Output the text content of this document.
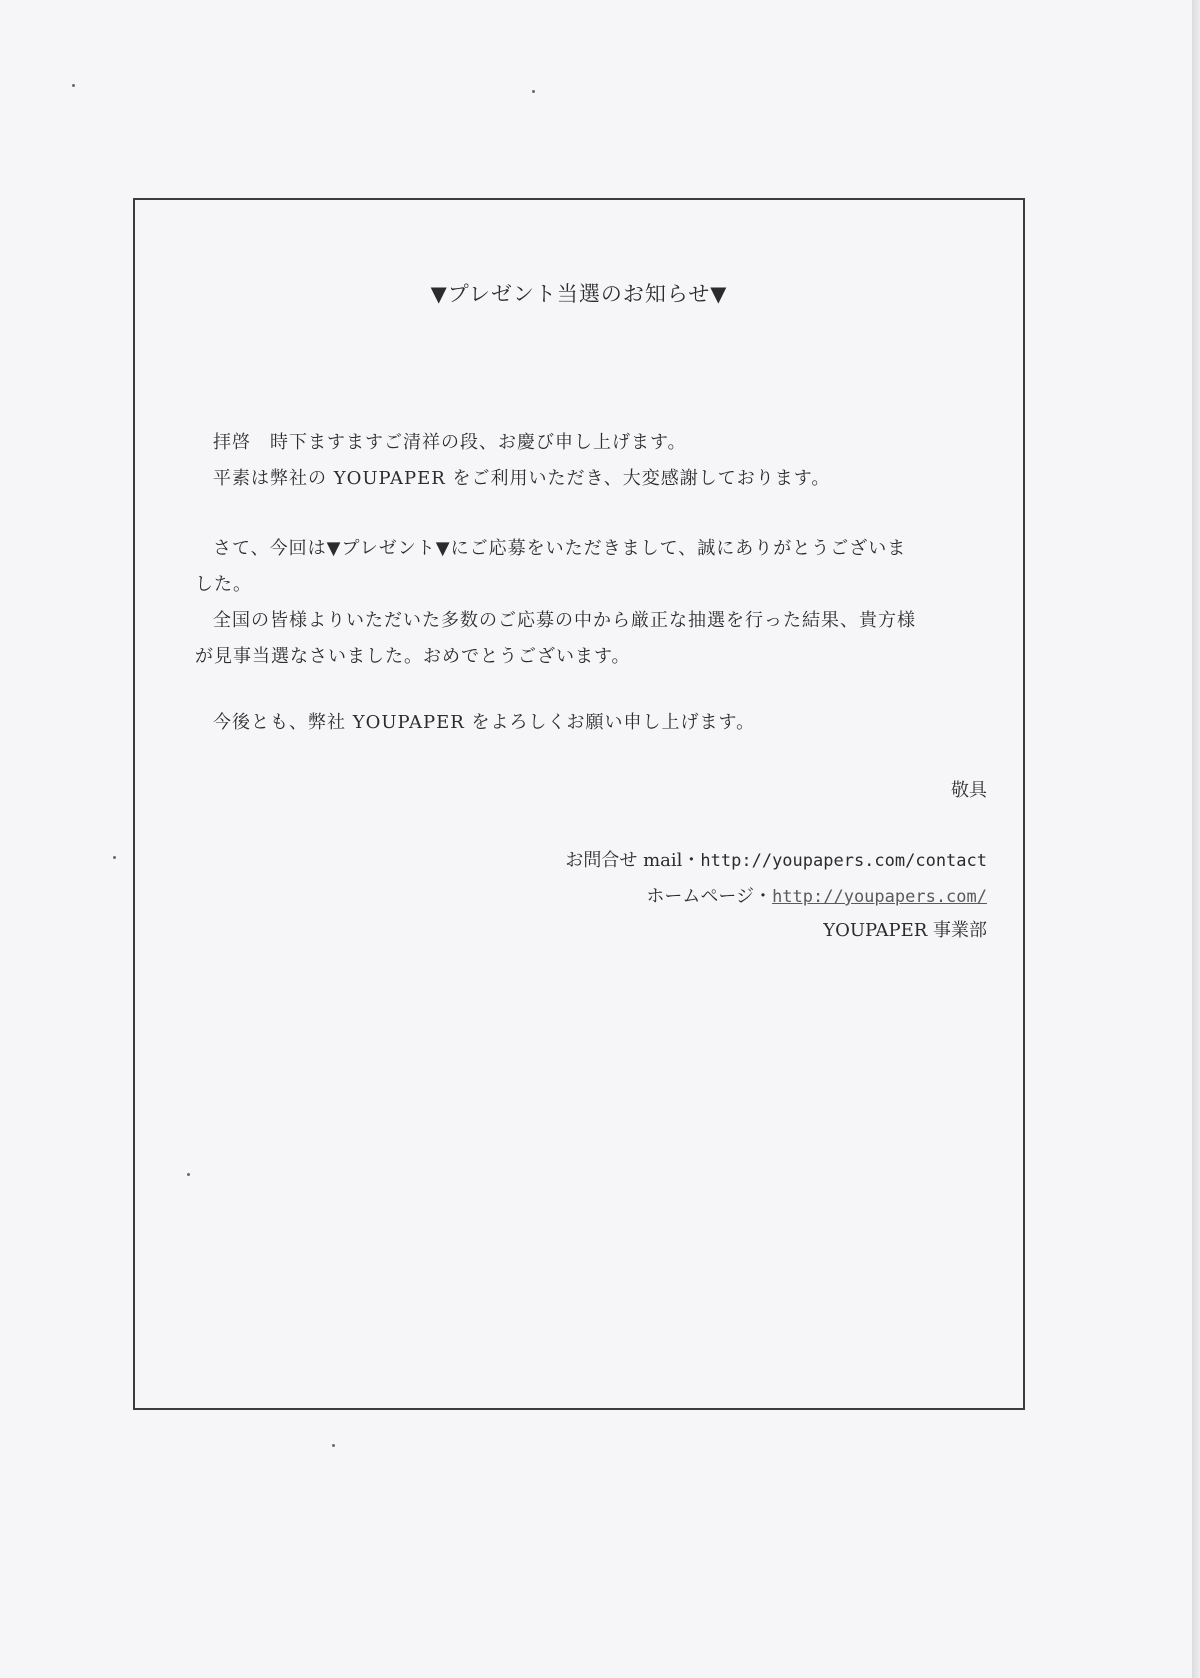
▼プレゼント当選のお知らせ▼
拝啓　時下ますますご清祥の段、お慶び申し上げます。
平素は弊社の YOUPAPER をご利用いただき、大変感謝しております。
さて、今回は▼プレゼント▼にご応募をいただきまして、誠にありがとうございま
した。
全国の皆様よりいただいた多数のご応募の中から厳正な抽選を行った結果、貴方様
が見事当選なさいました。おめでとうございます。
今後とも、弊社 YOUPAPER をよろしくお願い申し上げます。
敬具
お問合せ mail・http://youpapers.com/contact
ホームページ・http://youpapers.com/
YOUPAPER 事業部
